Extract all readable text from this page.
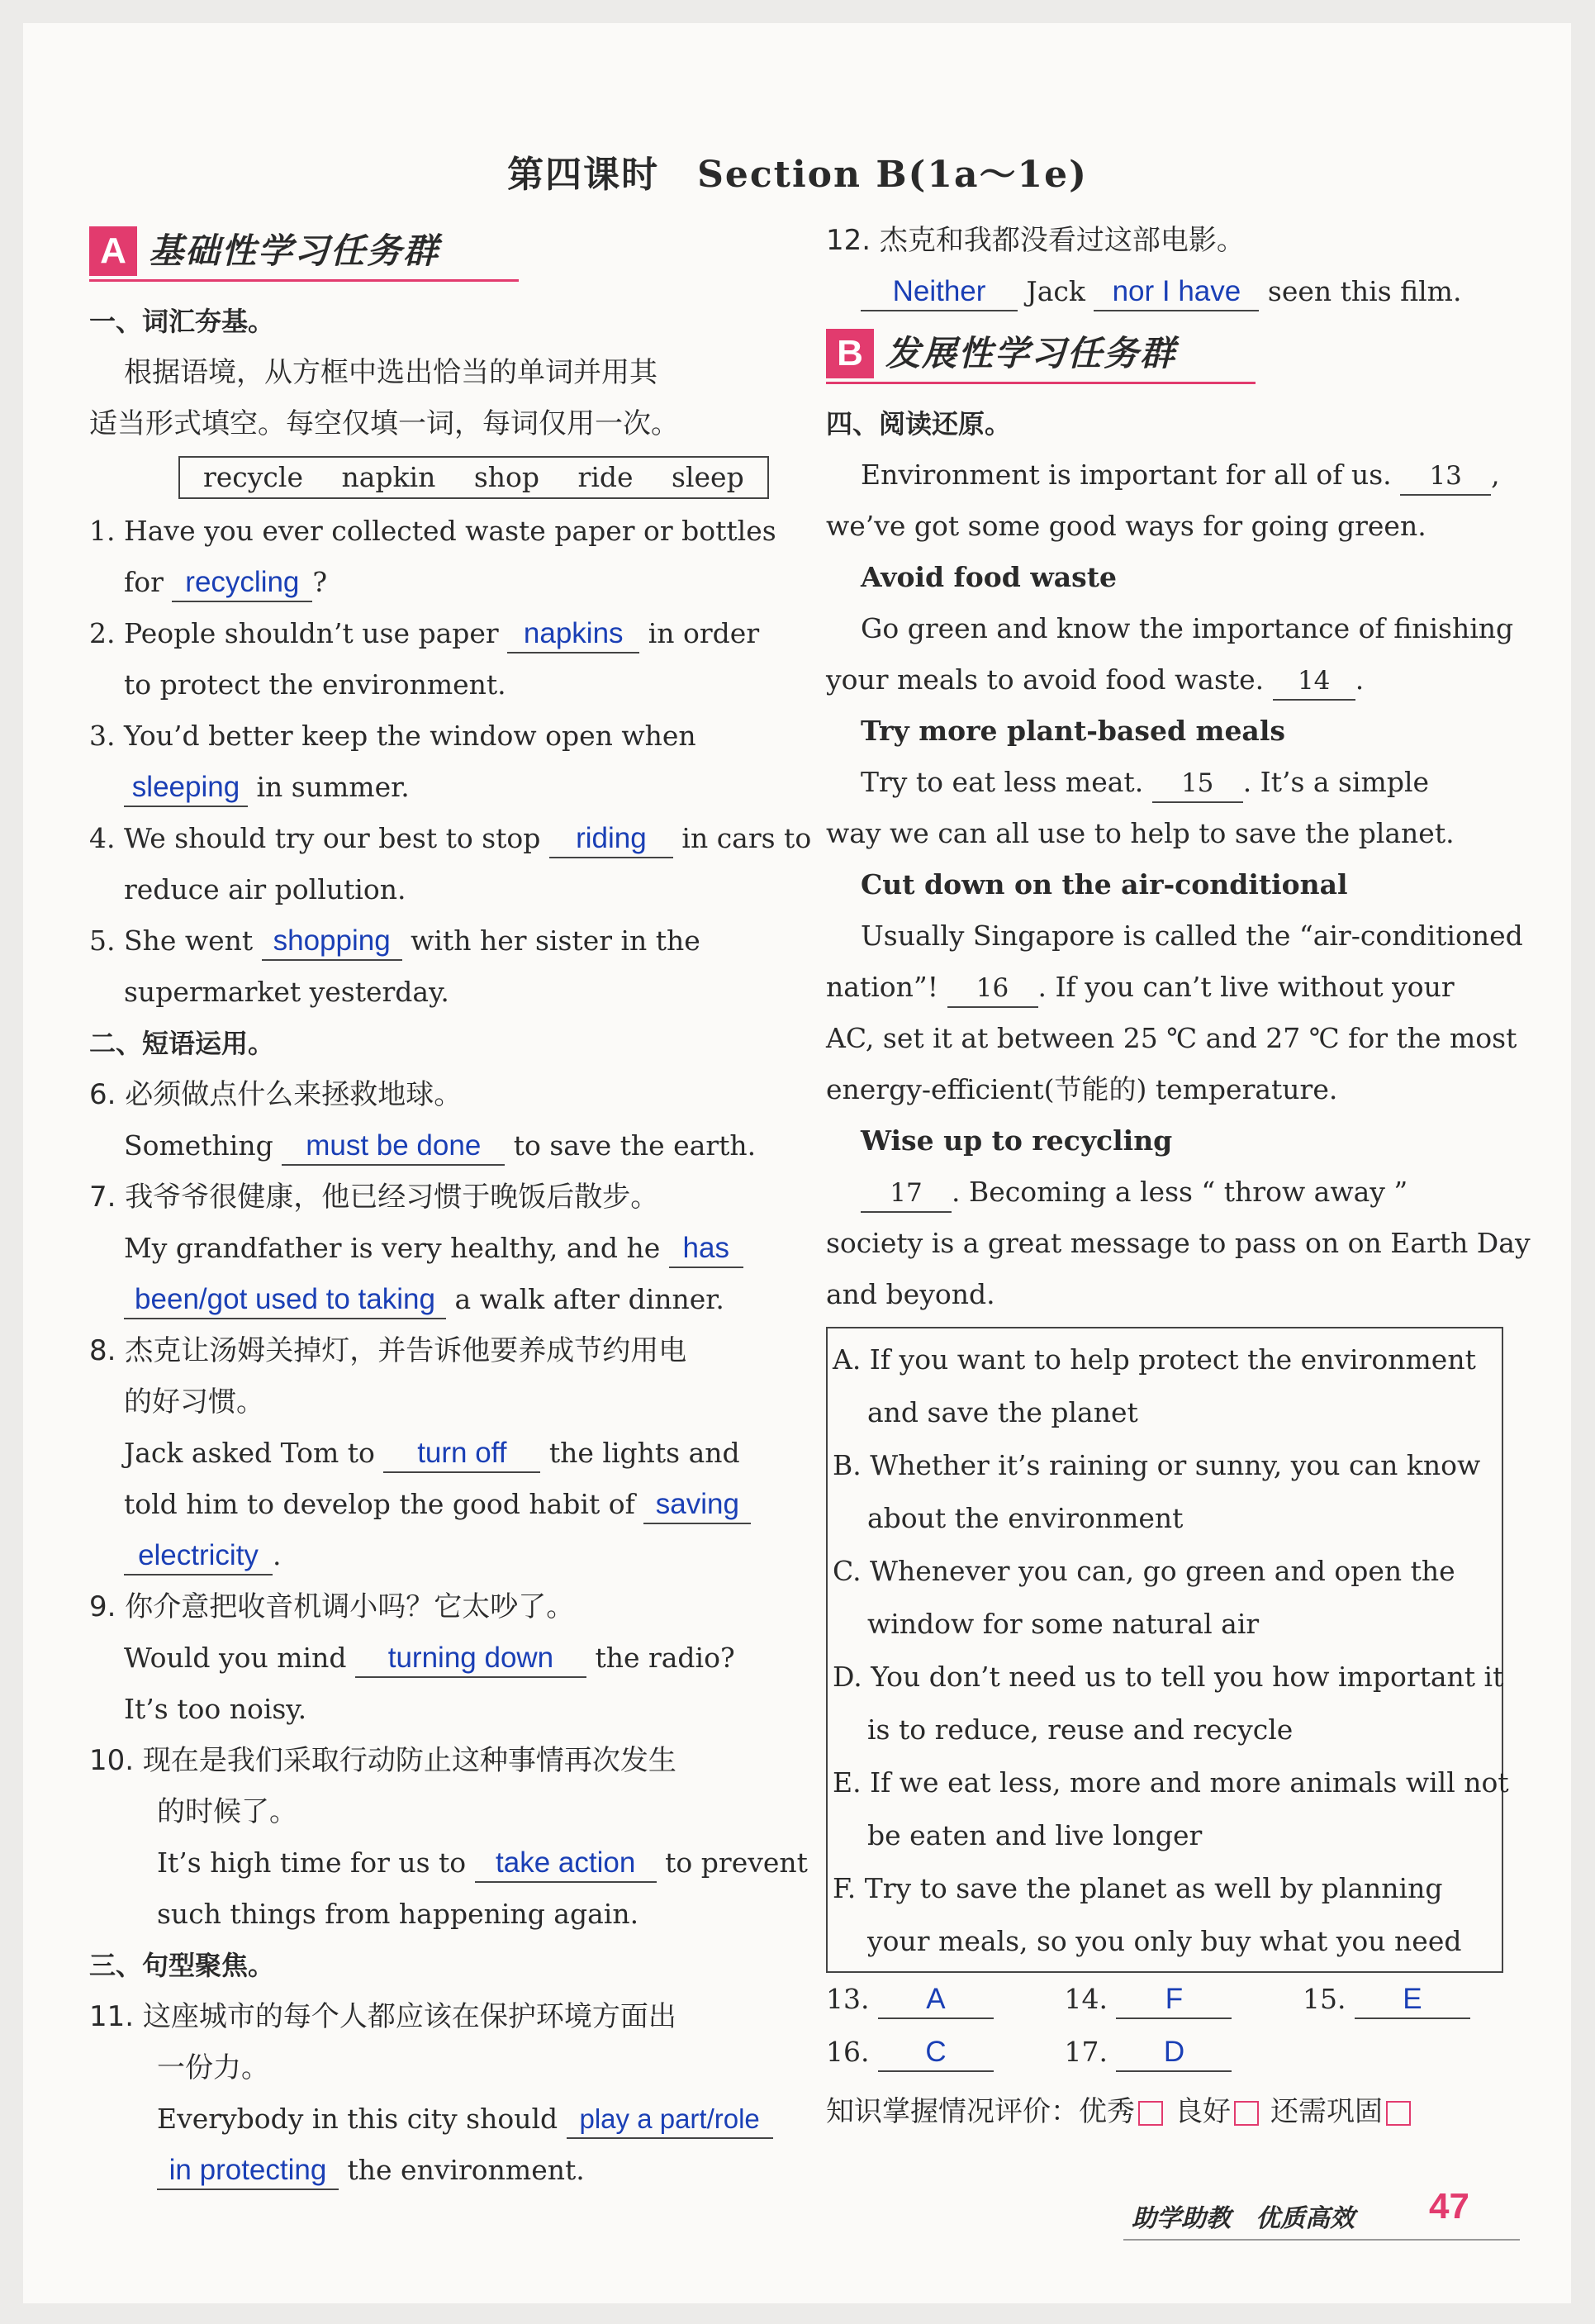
第四课时　Section B(1a～1e)
A 基础性学习任务群
一、词汇夯基。
根据语境，从方框中选出恰当的单词并用其
适当形式填空。每空仅填一词，每词仅用一次。
recycle napkin shop ride sleep
1. Have you ever collected waste paper or bottles
for recycling ?
2. People shouldn’t use paper napkins in order
to protect the environment.
3. You’d better keep the window open when
sleeping in summer.
4. We should try our best to stop riding in cars to
reduce air pollution.
5. She went shopping with her sister in the
supermarket yesterday.
二、短语运用。
6. 必须做点什么来拯救地球。
Something must be done to save the earth.
7. 我爷爷很健康，他已经习惯于晚饭后散步。
My grandfather is very healthy, and he has
been/got used to taking a walk after dinner.
8. 杰克让汤姆关掉灯，并告诉他要养成节约用电
的好习惯。
Jack asked Tom to turn off the lights and
told him to develop the good habit of saving
electricity .
9. 你介意把收音机调小吗？它太吵了。
Would you mind turning down the radio?
It’s too noisy.
10. 现在是我们采取行动防止这种事情再次发生
的时候了。
It’s high time for us to take action to prevent
such things from happening again.
三、句型聚焦。
11. 这座城市的每个人都应该在保护环境方面出
一份力。
Everybody in this city should play a part/role
in protecting the environment.
12. 杰克和我都没看过这部电影。
Neither Jack nor I have seen this film.
B 发展性学习任务群
四、阅读还原。
Environment is important for all of us. 13 ,
we’ve got some good ways for going green.
Avoid food waste
Go green and know the importance of finishing
your meals to avoid food waste. 14 .
Try more plant-based meals
Try to eat less meat. 15 . It’s a simple
way we can all use to help to save the planet.
Cut down on the air-conditional
Usually Singapore is called the “air-conditioned
nation”! 16 . If you can’t live without your
AC, set it at between 25 ℃ and 27 ℃ for the most
energy-efficient(节能的) temperature.
Wise up to recycling
17 . Becoming a less “ throw away ”
society is a great message to pass on on Earth Day
and beyond.
A. If you want to help protect the environment
and save the planet
B. Whether it’s raining or sunny, you can know
about the environment
C. Whenever you can, go green and open the
window for some natural air
D. You don’t need us to tell you how important it
is to reduce, reuse and recycle
E. If we eat less, more and more animals will not
be eaten and live longer
F. Try to save the planet as well by planning
your meals, so you only buy what you need
13. A	14. F	15. E
16. C	17. D
知识掌握情况评价：优秀 良好 还需巩固
助学助教　优质高效 47
